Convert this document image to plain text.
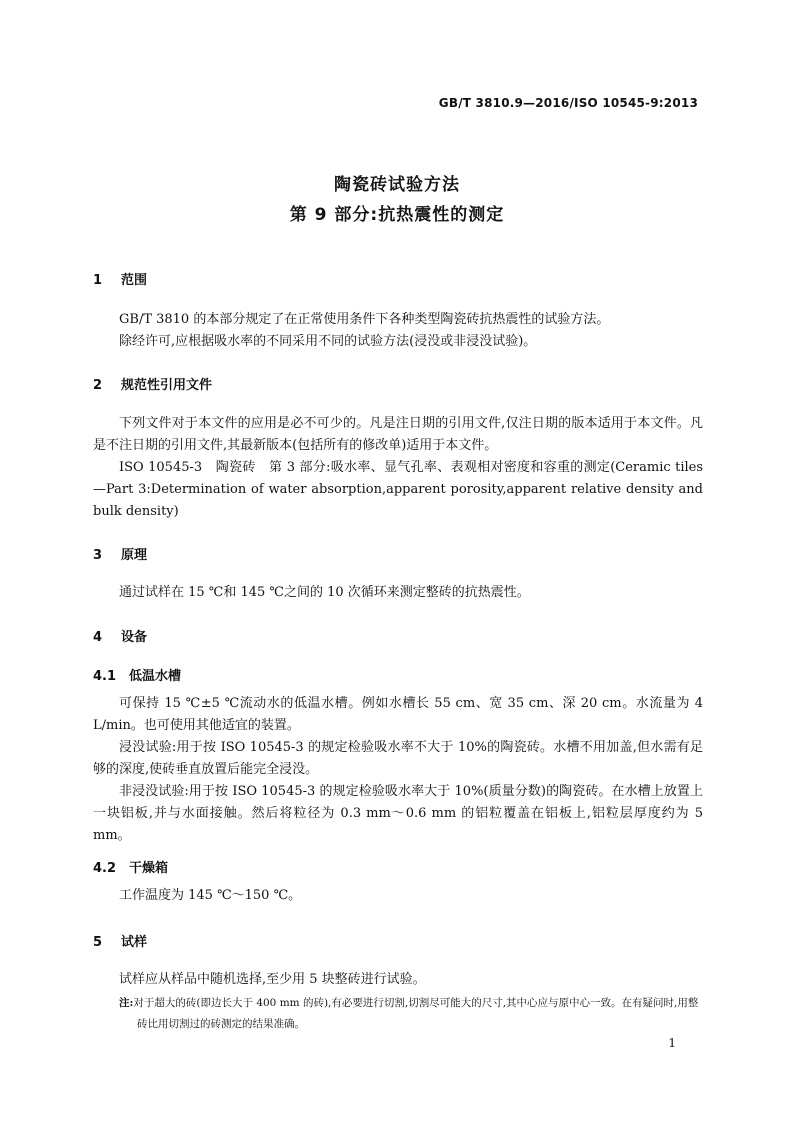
GB/T 3810.9—2016/ISO 10545-9:2013
陶瓷砖试验方法
第 9 部分:抗热震性的测定
1 范围
GB/T 3810 的本部分规定了在正常使用条件下各种类型陶瓷砖抗热震性的试验方法。
除经许可,应根据吸水率的不同采用不同的试验方法(浸没或非浸没试验)。
2 规范性引用文件
下列文件对于本文件的应用是必不可少的。凡是注日期的引用文件,仅注日期的版本适用于本文件。凡是不注日期的引用文件,其最新版本(包括所有的修改单)适用于本文件。
ISO 10545-3　陶瓷砖　第 3 部分:吸水率、显气孔率、表观相对密度和容重的测定(Ceramic tiles—Part 3:Determination of water absorption,apparent porosity,apparent relative density and bulk density)
3 原理
通过试样在 15 ℃和 145 ℃之间的 10 次循环来测定整砖的抗热震性。
4 设备
4.1 低温水槽
可保持 15 ℃±5 ℃流动水的低温水槽。例如水槽长 55 cm、宽 35 cm、深 20 cm。水流量为 4 L/min。也可使用其他适宜的装置。
浸没试验:用于按 ISO 10545-3 的规定检验吸水率不大于 10%的陶瓷砖。水槽不用加盖,但水需有足够的深度,使砖垂直放置后能完全浸没。
非浸没试验:用于按 ISO 10545-3 的规定检验吸水率大于 10%(质量分数)的陶瓷砖。在水槽上放置上一块铝板,并与水面接触。然后将粒径为 0.3 mm～0.6 mm 的铝粒覆盖在铝板上,铝粒层厚度约为 5 mm。
4.2 干燥箱
工作温度为 145 ℃～150 ℃。
5 试样
试样应从样品中随机选择,至少用 5 块整砖进行试验。
注:对于超大的砖(即边长大于 400 mm 的砖),有必要进行切割,切割尽可能大的尺寸,其中心应与原中心一致。在有疑问时,用整砖比用切割过的砖测定的结果准确。
1
